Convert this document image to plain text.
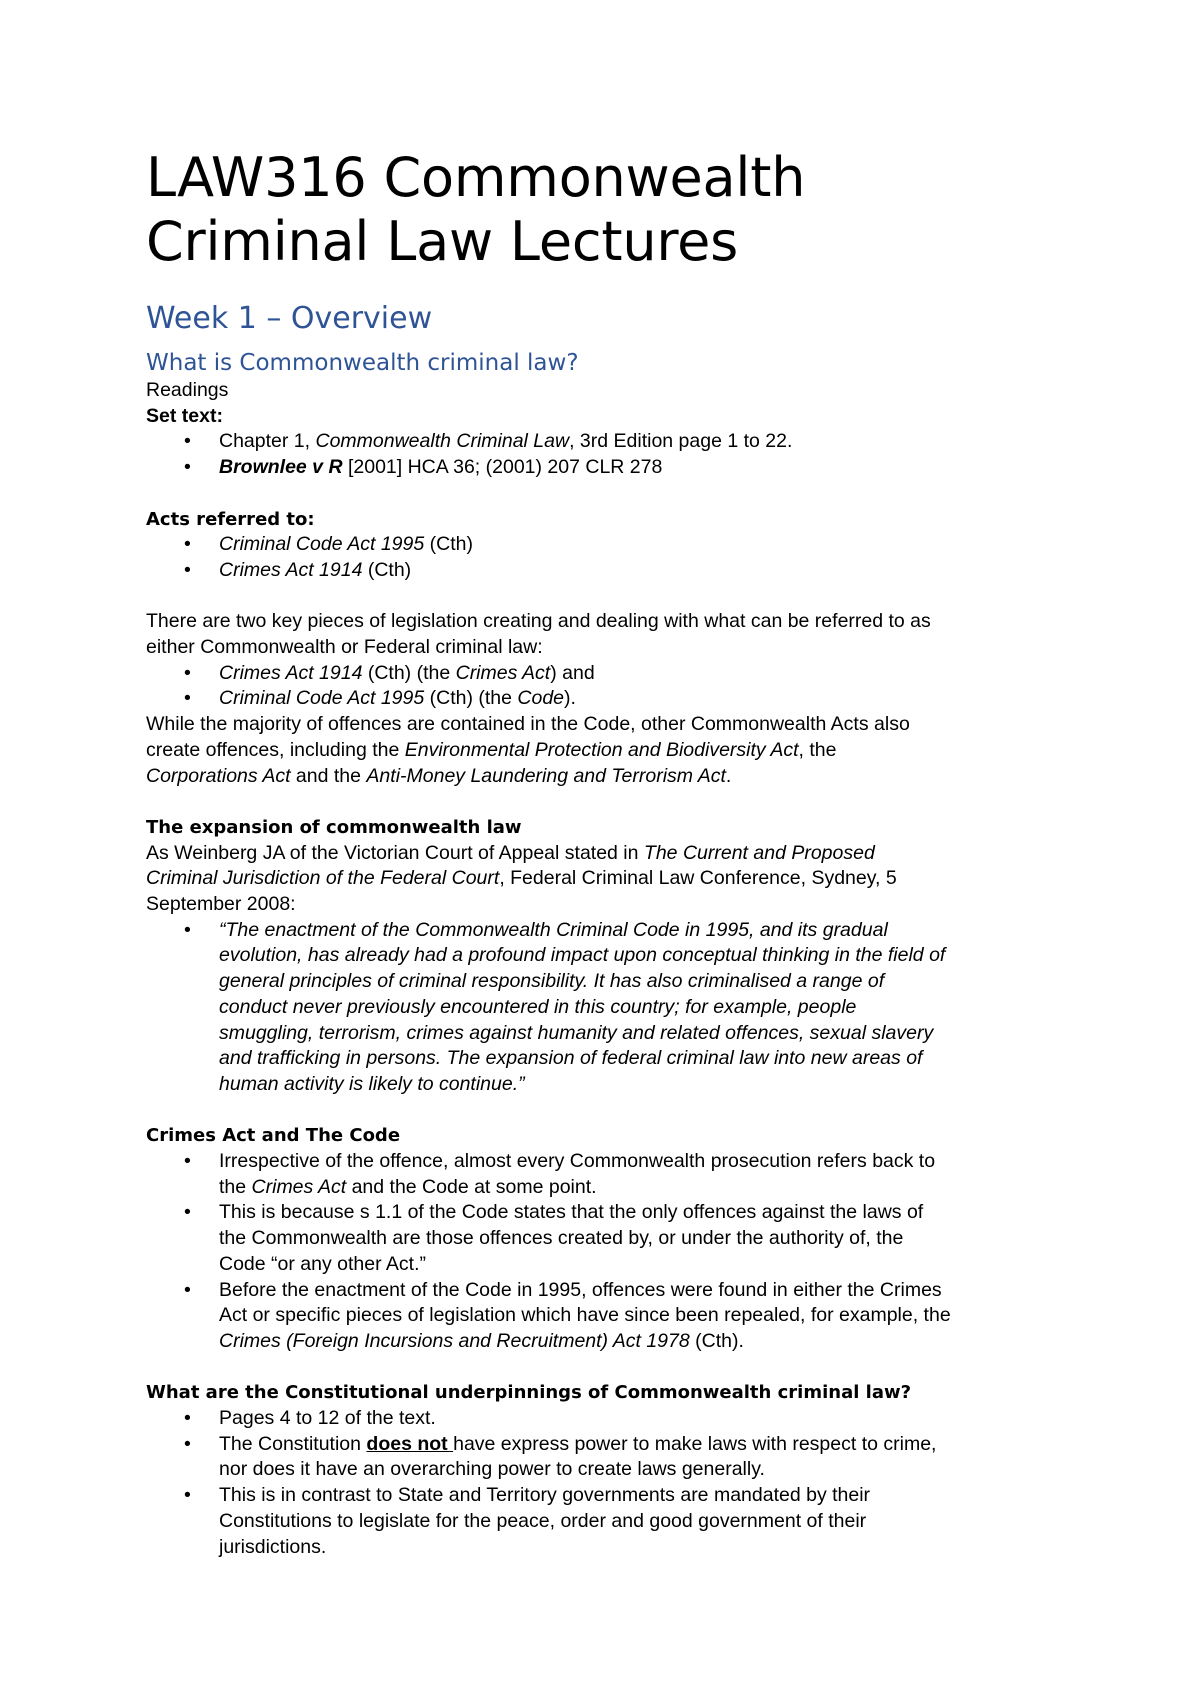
LAW316 Commonwealth
Criminal Law Lectures
Week 1 – Overview
What is Commonwealth criminal law?

Readings

Set text:

• Chapter 1, Commonwealth Criminal Law, 3rd Edition page 1 to 22.
• Brownlee v R [2001] HCA 36; (2001) 207 CLR 278

Acts referred to:

• Criminal Code Act 1995 (Cth)
• Crimes Act 1914 (Cth)

There are two key pieces of legislation creating and dealing with what can be referred to as
either Commonwealth or Federal criminal law:

• Crimes Act 1914 (Cth) (the Crimes Act) and
• Criminal Code Act 1995 (Cth) (the Code).

While the majority of offences are contained in the Code, other Commonwealth Acts also
create offences, including the Environmental Protection and Biodiversity Act, the
Corporations Act and the Anti-Money Laundering and Terrorism Act.

The expansion of commonwealth law

As Weinberg JA of the Victorian Court of Appeal stated in The Current and Proposed
Criminal Jurisdiction of the Federal Court, Federal Criminal Law Conference, Sydney, 5
September 2008:

• “The enactment of the Commonwealth Criminal Code in 1995, and its gradual
evolution, has already had a profound impact upon conceptual thinking in the field of
general principles of criminal responsibility. It has also criminalised a range of
conduct never previously encountered in this country; for example, people
smuggling, terrorism, crimes against humanity and related offences, sexual slavery
and trafficking in persons. The expansion of federal criminal law into new areas of
human activity is likely to continue.”

Crimes Act and The Code

• Irrespective of the offence, almost every Commonwealth prosecution refers back to
the Crimes Act and the Code at some point.
• This is because s 1.1 of the Code states that the only offences against the laws of
the Commonwealth are those offences created by, or under the authority of, the
Code “or any other Act.”
• Before the enactment of the Code in 1995, offences were found in either the Crimes
Act or specific pieces of legislation which have since been repealed, for example, the
Crimes (Foreign Incursions and Recruitment) Act 1978 (Cth).

What are the Constitutional underpinnings of Commonwealth criminal law?

• Pages 4 to 12 of the text.
• The Constitution does not have express power to make laws with respect to crime,
nor does it have an overarching power to create laws generally.
• This is in contrast to State and Territory governments are mandated by their
Constitutions to legislate for the peace, order and good government of their
jurisdictions.
